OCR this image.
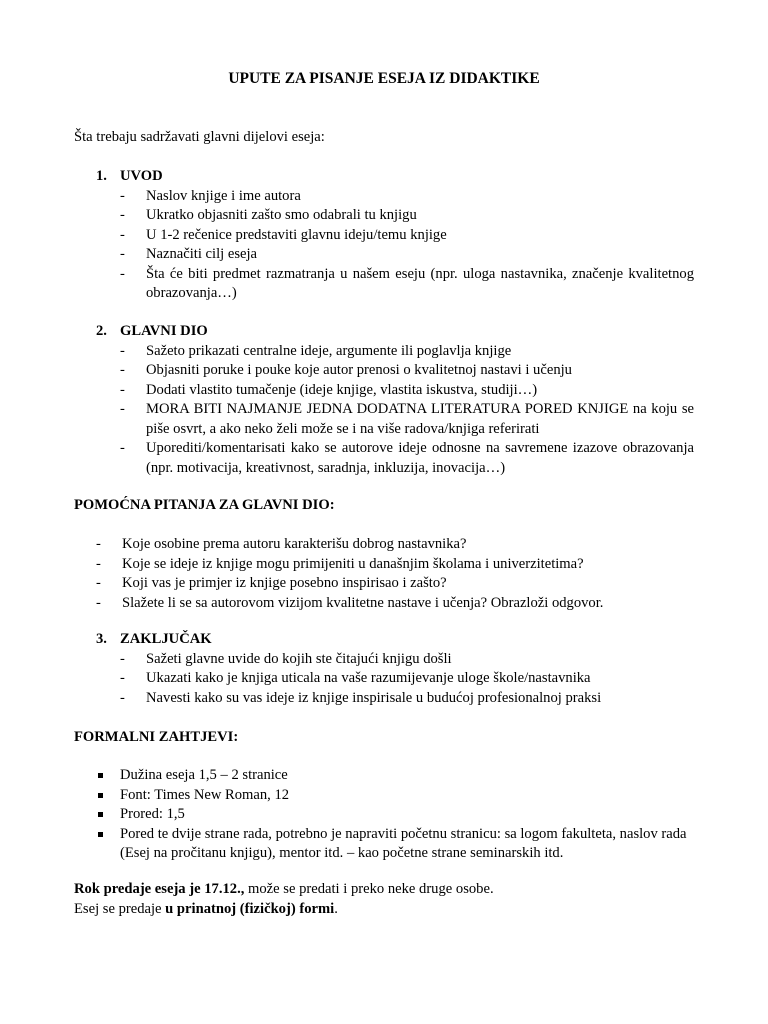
UPUTE ZA PISANJE ESEJA IZ DIDAKTIKE
Šta trebaju sadržavati glavni dijelovi eseja:
1. UVOD
- Naslov knjige i ime autora
- Ukratko objasniti zašto smo odabrali tu knjigu
- U 1-2 rečenice predstaviti glavnu ideju/temu knjige
- Naznačiti cilj eseja
- Šta će biti predmet razmatranja u našem eseju (npr. uloga nastavnika, značenje kvalitetnog obrazovanja…)
2. GLAVNI DIO
- Sažeto prikazati centralne ideje, argumente ili poglavlja knjige
- Objasniti poruke i pouke koje autor prenosi o kvalitetnoj nastavi i učenju
- Dodati vlastito tumačenje (ideje knjige, vlastita iskustva, studiji…)
- MORA BITI NAJMANJE JEDNA DODATNA LITERATURA PORED KNJIGE na koju se piše osvrt, a ako neko želi može se i na više radova/knjiga referirati
- Uporediti/komentarisati kako se autorove ideje odnosne na savremene izazove obrazovanja (npr. motivacija, kreativnost, saradnja, inkluzija, inovacija…)
POMOĆNA PITANJA ZA GLAVNI DIO:
- Koje osobine prema autoru karakterišu dobrog nastavnika?
- Koje se ideje iz knjige mogu primijeniti u današnjim školama i univerzitetima?
- Koji vas je primjer iz knjige posebno inspirisao i zašto?
- Slažete li se sa autorovom vizijom kvalitetne nastave i učenja? Obrazloži odgovor.
3. ZAKLJUČAK
- Sažeti glavne uvide do kojih ste čitajući knjigu došli
- Ukazati kako je knjiga uticala na vaše razumijevanje uloge škole/nastavnika
- Navesti kako su vas ideje iz knjige inspirisale u budućoj profesionalnoj praksi
FORMALNI ZAHTJEVI:
Dužina eseja 1,5 – 2 stranice
Font: Times New Roman, 12
Prored: 1,5
Pored te dvije strane rada, potrebno je napraviti početnu stranicu: sa logom fakulteta, naslov rada (Esej na pročitanu knjigu), mentor itd. – kao početne strane seminarskih itd.
Rok predaje eseja je 17.12., može se predati i preko neke druge osobe.
Esej se predaje u prinatnoj (fizičkoj) formi.
